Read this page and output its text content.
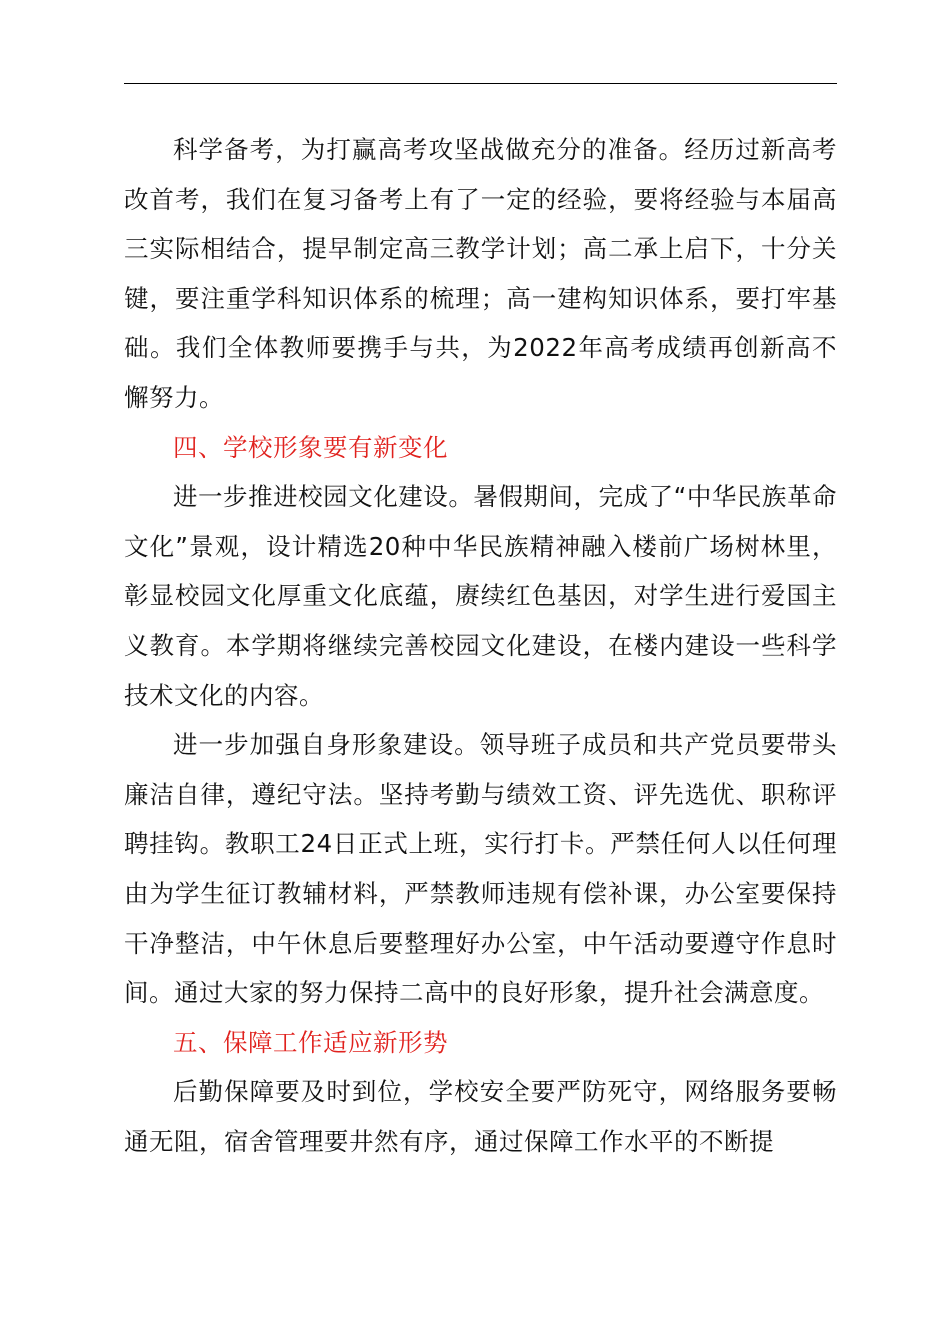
科学备考，为打赢高考攻坚战做充分的准备。经历过新高考改首考，我们在复习备考上有了一定的经验，要将经验与本届高三实际相结合，提早制定高三教学计划；高二承上启下，十分关键，要注重学科知识体系的梳理；高一建构知识体系，要打牢基础。我们全体教师要携手与共，为2022年高考成绩再创新高不懈努力。

四、学校形象要有新变化

进一步推进校园文化建设。暑假期间，完成了“中华民族革命文化”景观，设计精选20种中华民族精神融入楼前广场树林里，彰显校园文化厚重文化底蕴，赓续红色基因，对学生进行爱国主义教育。本学期将继续完善校园文化建设，在楼内建设一些科学技术文化的内容。

进一步加强自身形象建设。领导班子成员和共产党员要带头廉洁自律，遵纪守法。坚持考勤与绩效工资、评先选优、职称评聘挂钩。教职工24日正式上班，实行打卡。严禁任何人以任何理由为学生征订教辅材料，严禁教师违规有偿补课，办公室要保持干净整洁，中午休息后要整理好办公室，中午活动要遵守作息时间。通过大家的努力保持二高中的良好形象，提升社会满意度。

五、保障工作适应新形势

后勤保障要及时到位，学校安全要严防死守，网络服务要畅通无阻，宿舍管理要井然有序，通过保障工作水平的不断提
